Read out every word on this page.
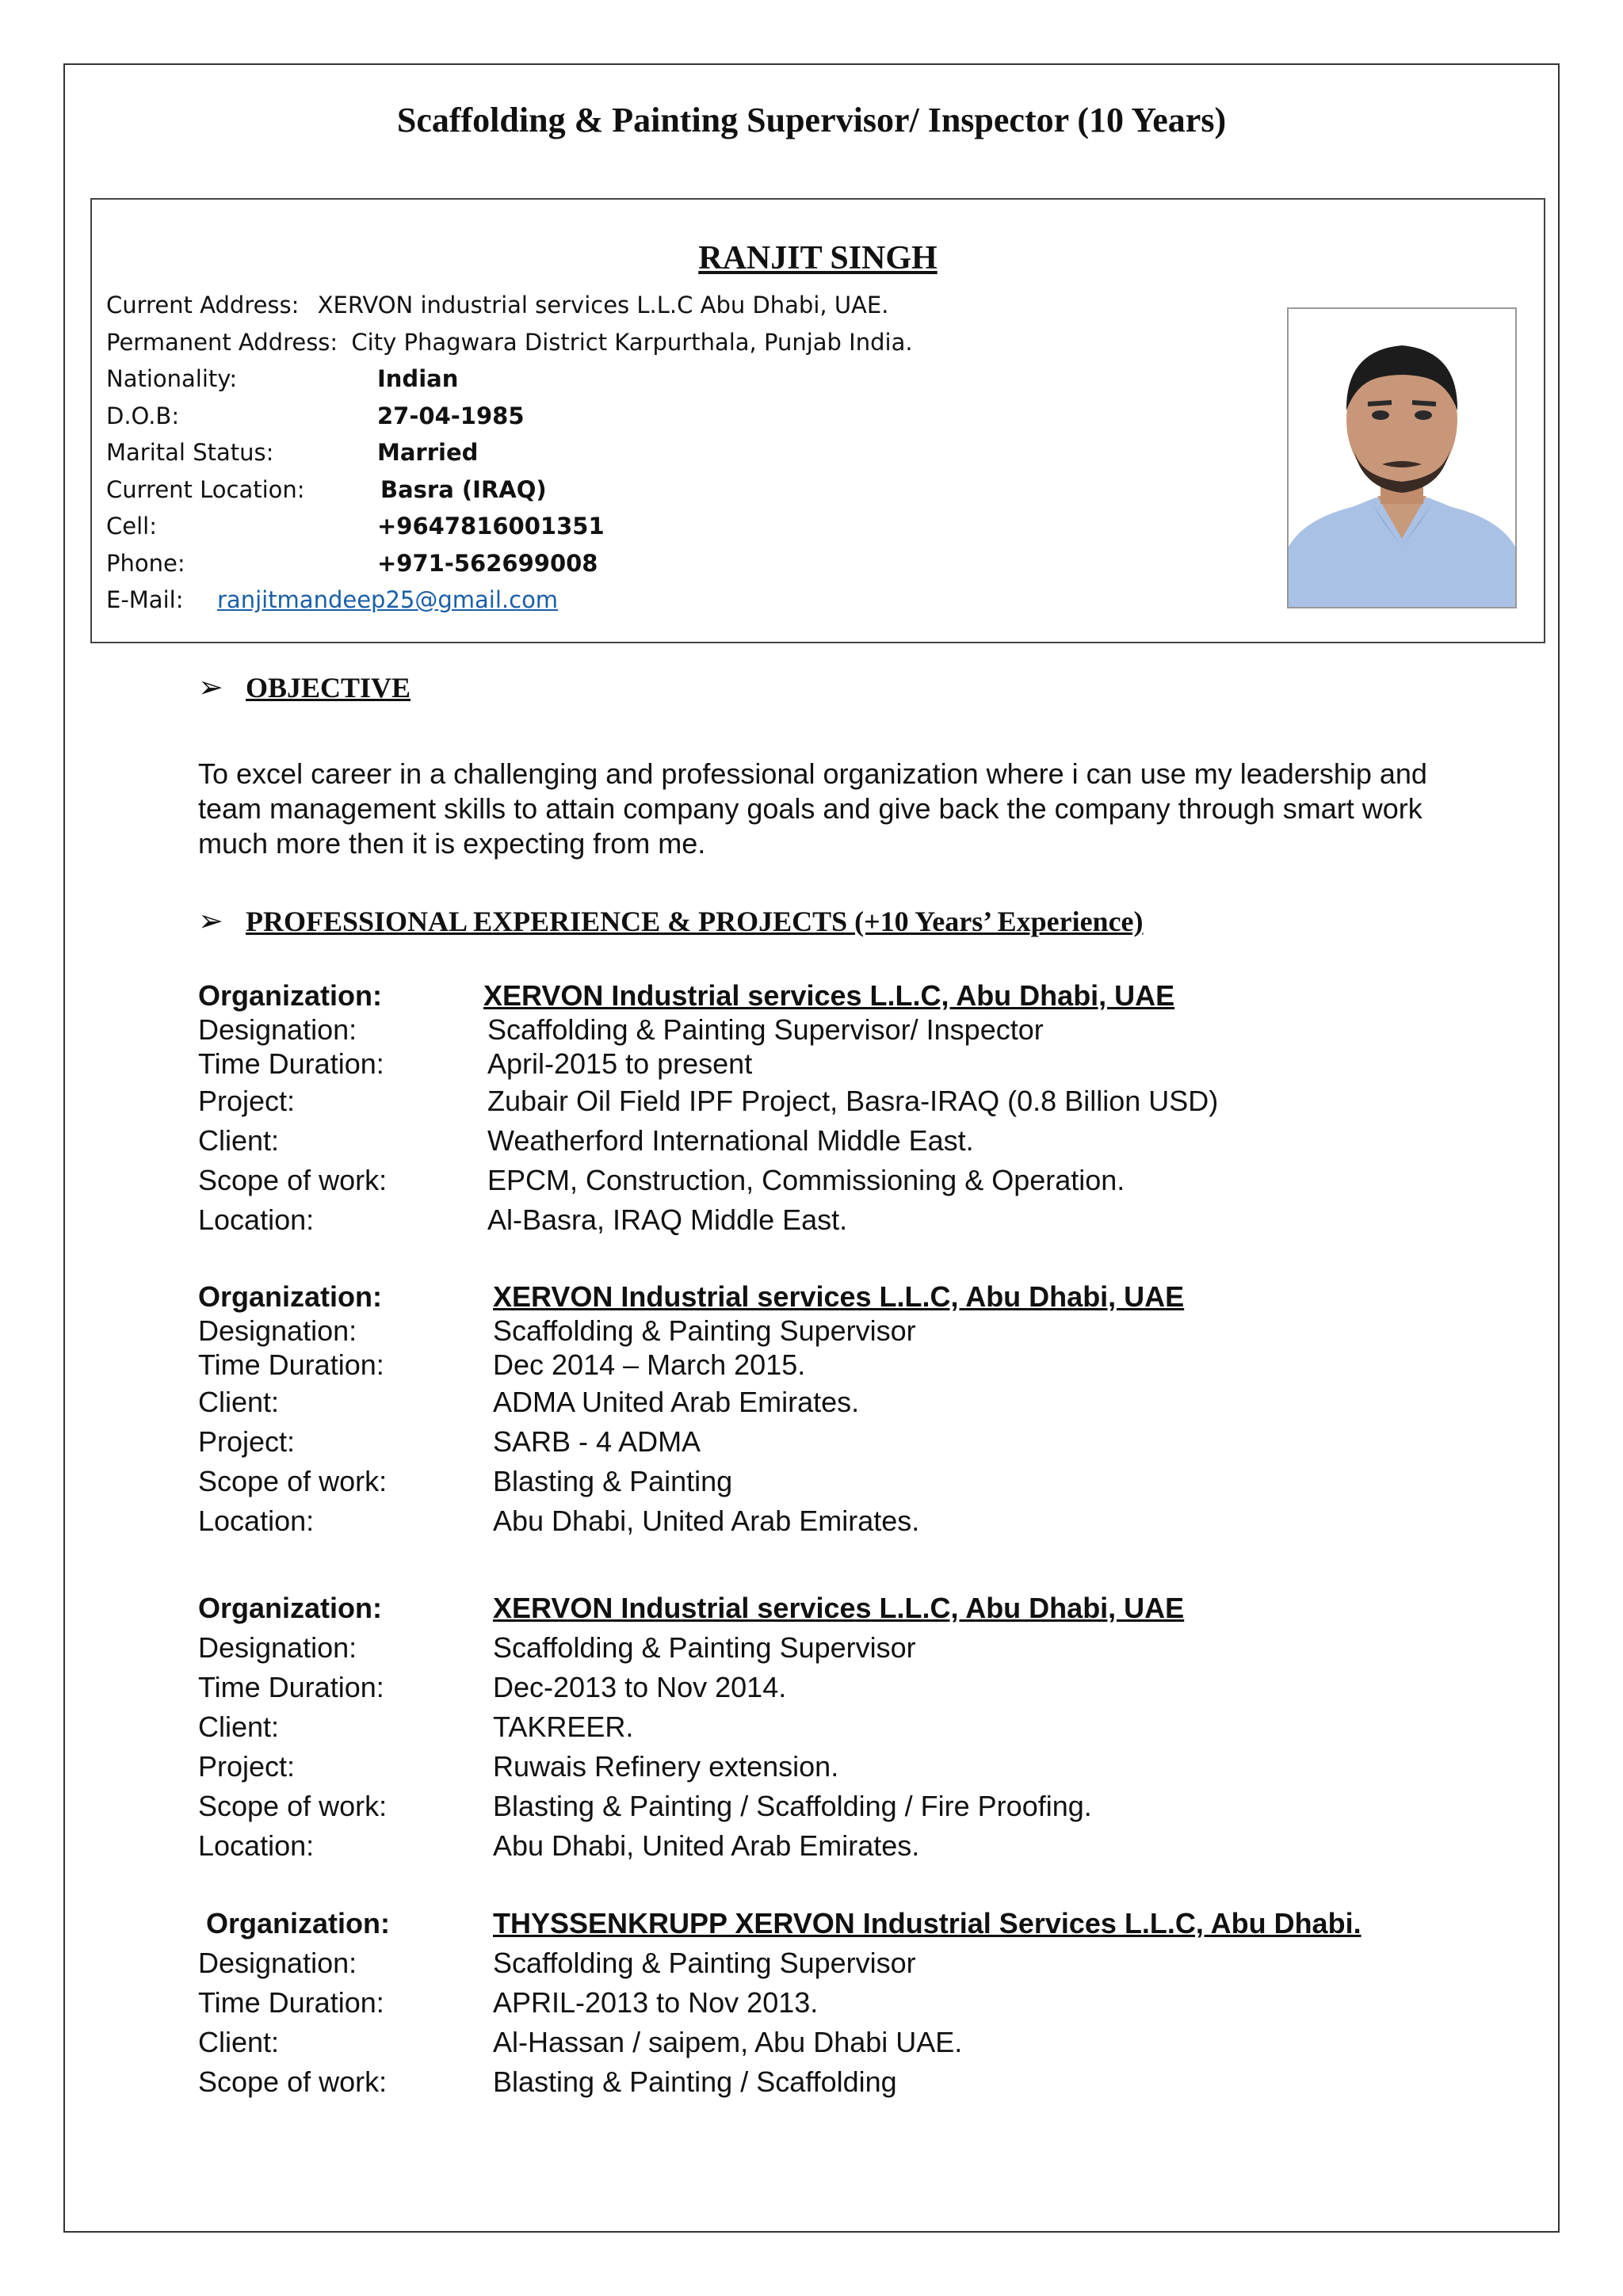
Scaffolding & Painting Supervisor/ Inspector (10 Years)
RANJIT SINGH
Current Address: XERVON industrial services L.L.C Abu Dhabi, UAE.
Permanent Address: City Phagwara District Karpurthala, Punjab India.
Nationality:	Indian
D.O.B:	27-04-1985
Marital Status:	Married
Current Location:	Basra (IRAQ)
Cell:	+9647816001351
Phone:	+971-562699008
E-Mail: ranjitmandeep25@gmail.com
➢ OBJECTIVE
To excel career in a challenging and professional organization where i can use my leadership and team management skills to attain company goals and give back the company through smart work much more then it is expecting from me.
➢ PROFESSIONAL EXPERIENCE & PROJECTS (+10 Years’ Experience)
Organization:	XERVON Industrial services L.L.C, Abu Dhabi, UAE
Designation:	Scaffolding & Painting Supervisor/ Inspector
Time Duration:	April-2015 to present
Project:	Zubair Oil Field IPF Project, Basra-IRAQ (0.8 Billion USD)
Client:	Weatherford International Middle East.
Scope of work:	EPCM, Construction, Commissioning & Operation.
Location:	Al-Basra, IRAQ Middle East.
Organization:	XERVON Industrial services L.L.C, Abu Dhabi, UAE
Designation:	Scaffolding & Painting Supervisor
Time Duration:	Dec 2014 – March 2015.
Client:	ADMA United Arab Emirates.
Project:	SARB - 4 ADMA
Scope of work:	Blasting & Painting
Location:	Abu Dhabi, United Arab Emirates.
Organization:	XERVON Industrial services L.L.C, Abu Dhabi, UAE
Designation:	Scaffolding & Painting Supervisor
Time Duration:	Dec-2013 to Nov 2014.
Client:	TAKREER.
Project:	Ruwais Refinery extension.
Scope of work:	Blasting & Painting / Scaffolding / Fire Proofing.
Location:	Abu Dhabi, United Arab Emirates.
Organization:	THYSSENKRUPP XERVON Industrial Services L.L.C, Abu Dhabi.
Designation:	Scaffolding & Painting Supervisor
Time Duration:	APRIL-2013 to Nov 2013.
Client:	Al-Hassan / saipem, Abu Dhabi UAE.
Scope of work:	Blasting & Painting / Scaffolding
